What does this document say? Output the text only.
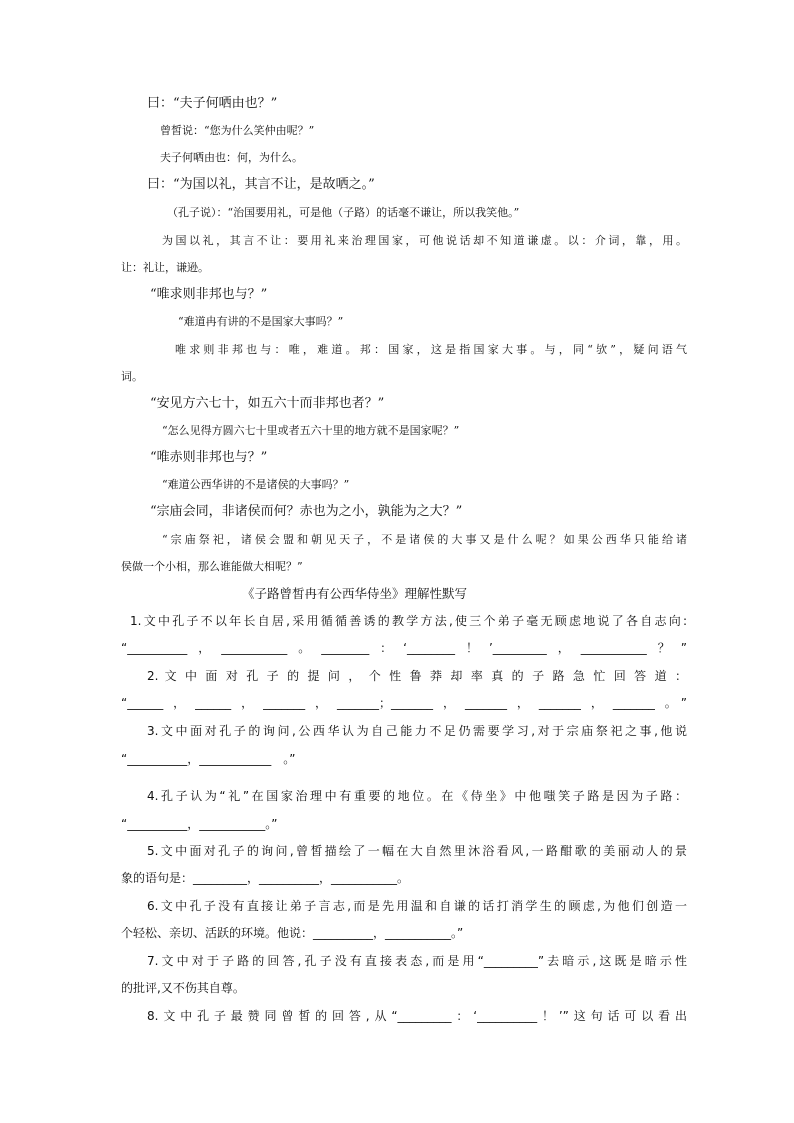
曰：“夫子何哂由也？”
曾皙说：“您为什么笑仲由呢？”
夫子何哂由也：何，为什么。
曰：“为国以礼，其言不让，是故哂之。”
（孔子说）：“治国要用礼，可是他（子路）的话毫不谦让，所以我笑他。”
为国以礼，其言不让：要用礼来治理国家，可他说话却不知道谦虚。以：介词，靠，用。
让：礼让，谦逊。
“唯求则非邦也与？”
“难道冉有讲的不是国家大事吗？”
唯求则非邦也与：唯，难道。邦：国家，这是指国家大事。与，同“欤”，疑问语气
词。
“安见方六七十，如五六十而非邦也者？”
“怎么见得方圆六七十里或者五六十里的地方就不是国家呢？”
“唯赤则非邦也与？”
“难道公西华讲的不是诸侯的大事吗？”
“宗庙会同，非诸侯而何？赤也为之小，孰能为之大？”
“宗庙祭祀，诸侯会盟和朝见天子，不是诸侯的大事又是什么呢？如果公西华只能给诸
侯做一个小相，那么谁能做大相呢？”
《子路曾皙冉有公西华侍坐》理解性默写
1.文中孔子不以年长自居,采用循循善诱的教学方法,使三个弟子毫无顾虑地说了各自志向:
“__________，___________。________：‘________！’_________，___________？”
2. 文 中 面 对 孔 子 的 提 问 ， 个 性 鲁 莽 却 率 真 的 子 路 急 忙 回 答 道 ：
“______，______，_______，_______；_______，_______，_______，_______。”
3.文中面对孔子的询问,公西华认为自己能力不足仍需要学习,对于宗庙祭祀之事,他说
“__________，____________　。”
4.孔子认为“礼”在国家治理中有重要的地位。在《侍坐》中他嗤笑子路是因为子路：
“__________，___________。”
5.文中面对孔子的询问,曾皙描绘了一幅在大自然里沐浴看风,一路酣歌的美丽动人的景
象的语句是：_________，__________，___________。
6.文中孔子没有直接让弟子言志,而是先用温和自谦的话打消学生的顾虑,为他们创造一
个轻松、亲切、活跃的环境。他说：__________，___________。”
7.文中对于子路的回答,孔子没有直接表态,而是用“_________”去暗示,这既是暗示性
的批评,又不伤其自尊。
8.文中孔子最赞同曾皙的回答,从“_________：‘__________！’”这句话可以看出
